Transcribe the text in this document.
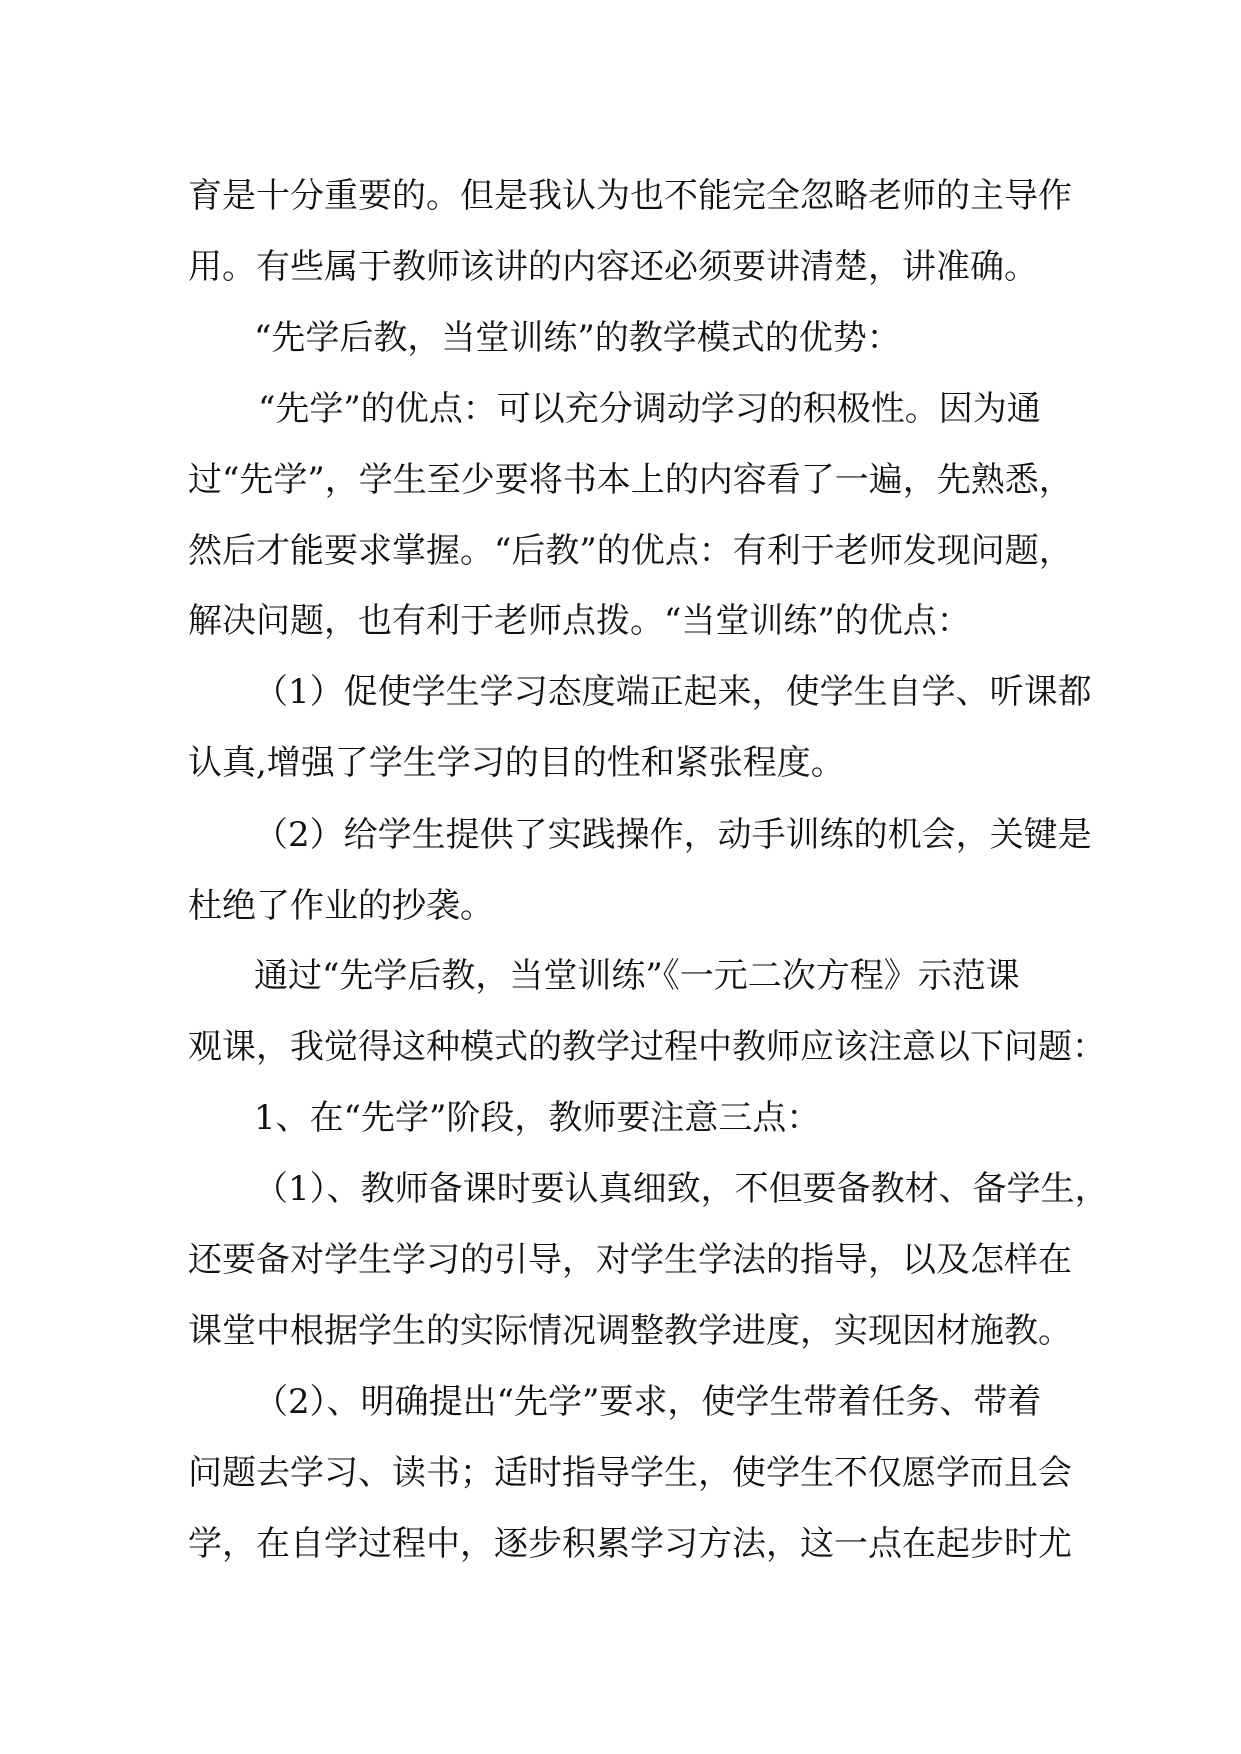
育是十分重要的。但是我认为也不能完全忽略老师的主导作
用。有些属于教师该讲的内容还必须要讲清楚，讲准确。
“先学后教，当堂训练”的教学模式的优势：
“先学”的优点：可以充分调动学习的积极性。因为通
过“先学”，学生至少要将书本上的内容看了一遍，先熟悉，
然后才能要求掌握。“后教”的优点：有利于老师发现问题，
解决问题，也有利于老师点拨。“当堂训练”的优点：
（1）促使学生学习态度端正起来，使学生自学、听课都
认真,增强了学生学习的目的性和紧张程度。
（2）给学生提供了实践操作，动手训练的机会，关键是
杜绝了作业的抄袭。
通过“先学后教，当堂训练”《一元二次方程》示范课
观课，我觉得这种模式的教学过程中教师应该注意以下问题：
1、在“先学”阶段，教师要注意三点：
（1）、教师备课时要认真细致，不但要备教材、备学生，
还要备对学生学习的引导，对学生学法的指导，以及怎样在
课堂中根据学生的实际情况调整教学进度，实现因材施教。
（2）、明确提出“先学”要求，使学生带着任务、带着
问题去学习、读书；适时指导学生，使学生不仅愿学而且会
学，在自学过程中，逐步积累学习方法，这一点在起步时尤
